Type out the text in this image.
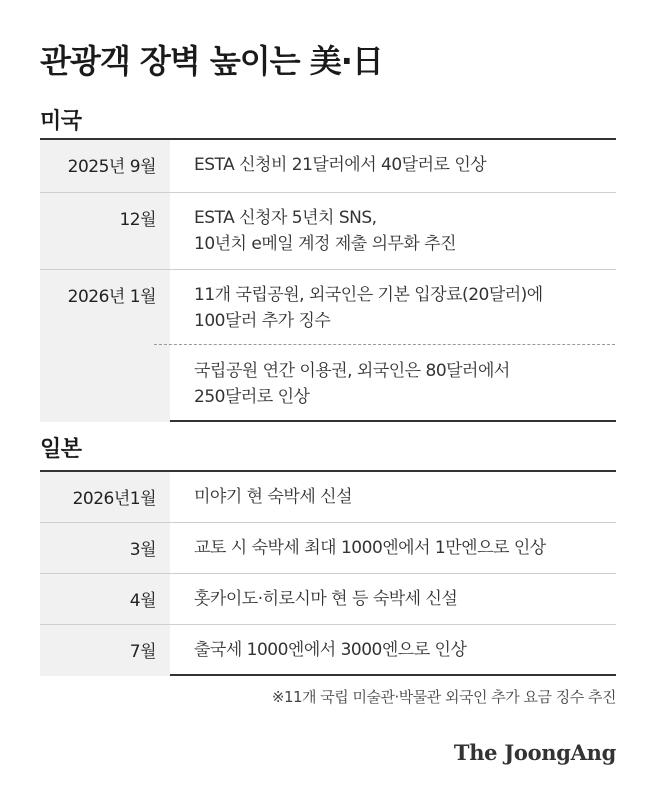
관광객 장벽 높이는 美·日
미국
2025년 9월 ESTA 신청비 21달러에서 40달러로 인상
12월 ESTA 신청자 5년치 SNS,
10년치 e메일 계정 제출 의무화 추진
2026년 1월 11개 국립공원, 외국인은 기본 입장료(20달러)에
100달러 추가 징수
국립공원 연간 이용권, 외국인은 80달러에서
250달러로 인상
일본
2026년1월 미야기 현 숙박세 신설
3월 교토 시 숙박세 최대 1000엔에서 1만엔으로 인상
4월 홋카이도·히로시마 현 등 숙박세 신설
7월 출국세 1000엔에서 3000엔으로 인상
※11개 국립 미술관·박물관 외국인 추가 요금 징수 추진
The JoongAng
